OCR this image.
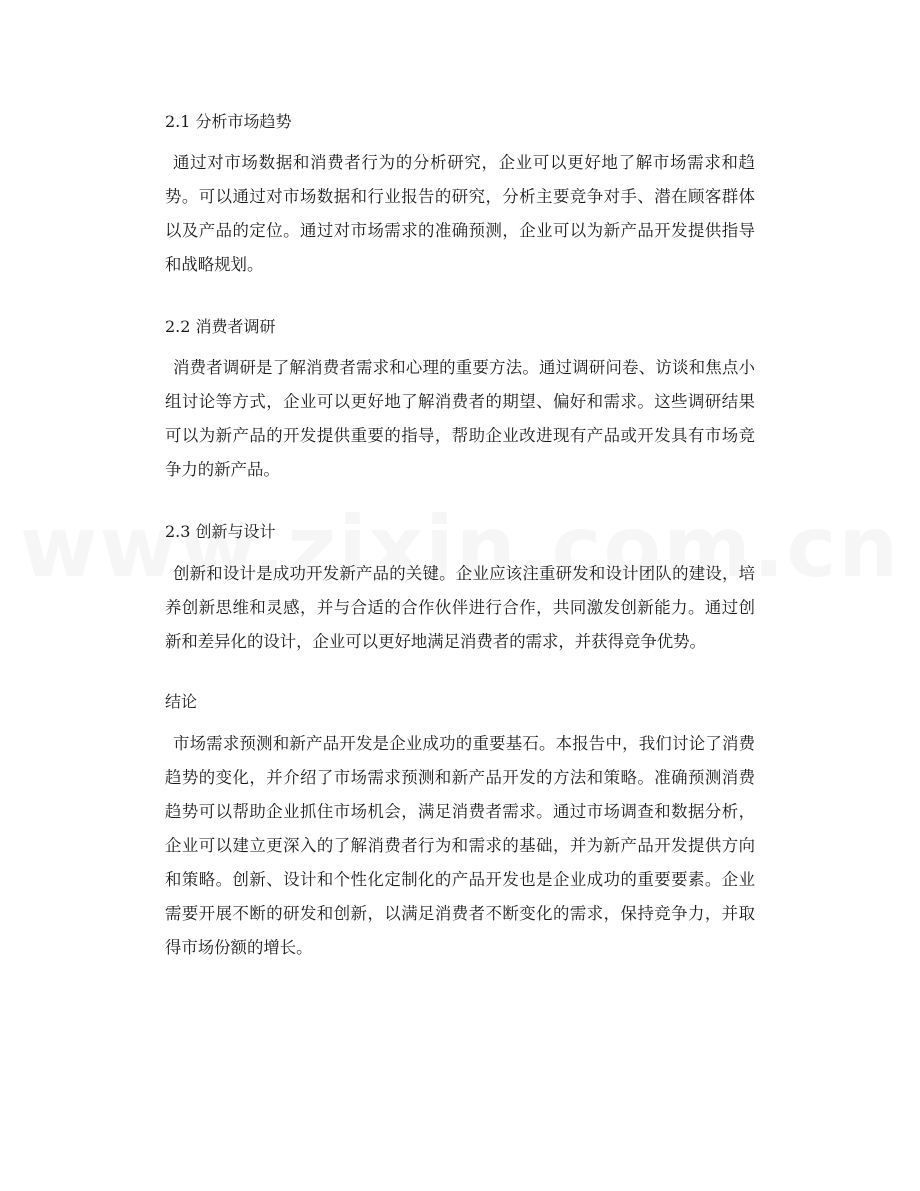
2.1 分析市场趋势

通过对市场数据和消费者行为的分析研究，企业可以更好地了解市场需求和趋势。可以通过对市场数据和行业报告的研究，分析主要竞争对手、潜在顾客群体以及产品的定位。通过对市场需求的准确预测，企业可以为新产品开发提供指导和战略规划。

2.2 消费者调研

消费者调研是了解消费者需求和心理的重要方法。通过调研问卷、访谈和焦点小组讨论等方式，企业可以更好地了解消费者的期望、偏好和需求。这些调研结果可以为新产品的开发提供重要的指导，帮助企业改进现有产品或开发具有市场竞争力的新产品。

2.3 创新与设计

创新和设计是成功开发新产品的关键。企业应该注重研发和设计团队的建设，培养创新思维和灵感，并与合适的合作伙伴进行合作，共同激发创新能力。通过创新和差异化的设计，企业可以更好地满足消费者的需求，并获得竞争优势。

结论

市场需求预测和新产品开发是企业成功的重要基石。本报告中，我们讨论了消费趋势的变化，并介绍了市场需求预测和新产品开发的方法和策略。准确预测消费趋势可以帮助企业抓住市场机会，满足消费者需求。通过市场调查和数据分析，企业可以建立更深入的了解消费者行为和需求的基础，并为新产品开发提供方向和策略。创新、设计和个性化定制化的产品开发也是企业成功的重要要素。企业需要开展不断的研发和创新，以满足消费者不断变化的需求，保持竞争力，并取得市场份额的增长。
